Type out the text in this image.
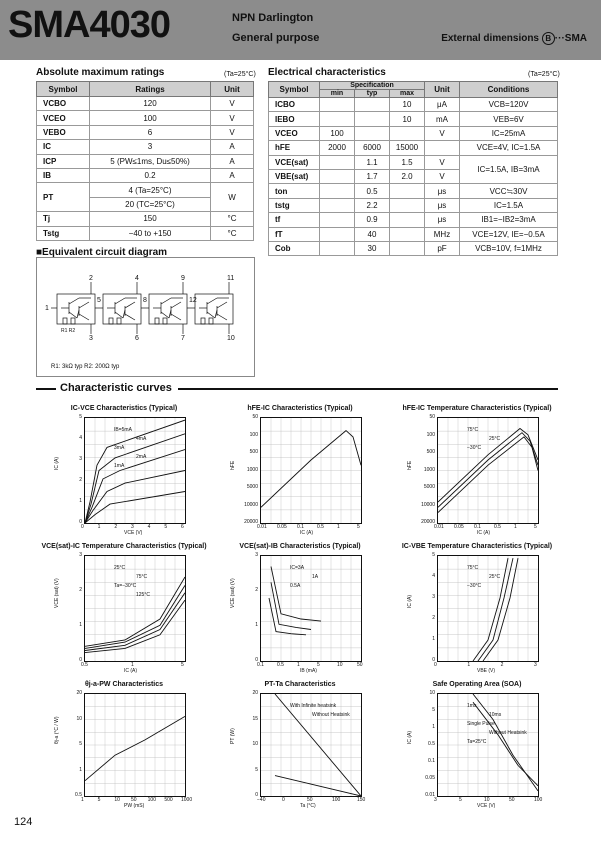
SMA4030	NPN Darlington
General purpose	External dimensions B ···SMA
Absolute maximum ratings	(Ta=25°C)
Symbol	Ratings	Unit
VCBO	120	V
VCEO	100	V
VEBO	6	V
IC	3	A
ICP	5 (PW≤1ms, Du≤50%)	A
IB	0.2	A
PT	4 (Ta=25°C)	W
	20 (TC=25°C)	
Tj	150	°C
Tstg	−40 to +150	°C
Electrical characteristics	(Ta=25°C)
Symbol	Specification			Unit	Conditions
	min	typ	max		
ICBO			10	μA	VCB=120V
IEBO			10	mA	VEB=6V
VCEO	100			V	IC=25mA
hFE	2000	6000	15000		VCE=4V, IC=1.5A
VCE(sat)		1.1	1.5	V	IC=1.5A, IB=3mA
VBE(sat)		1.7	2.0	V	
ton		0.5		μs	VCC≒30V
tstg		2.2		μs	IC=1.5A
tf		0.9		μs	IB1=−IB2=3mA
fT		40		MHz	VCE=12V, IE=−0.5A
Cob		30		pF	VCB=10V, f=1MHz
■Equivalent circuit diagram
2	4	9	11
5	8	12
3	6	7	10
1
R1 R2
R1: 3kΩ typ R2: 200Ω typ
Characteristic curves
IC-VCE Characteristics (Typical)
IB=5mA
4mA
3mA
2mA
1mA
0	1	2	3	4	5	6
0
1
2
3
4
5
VCE (V)
IC (A)
hFE-IC Characteristics (Typical)
0.01 0.05 0.1	0.5	1	5
20000
10000
5000
1000
500
100
50
IC (A)
hFE
hFE-IC Temperature Characteristics (Typical)
75°C
25°C
−30°C
0.01 0.05 0.1	0.5	1	5
20000
10000
5000
1000
500
100
50
IC (A)
hFE
VCE(sat)-IC Temperature Characteristics (Typical)
25°C
75°C
Ta=−30°C
125°C
0.5	1	5
0
1
2
3
IC (A)
VCE (sat) (V)
VCE(sat)-IB Characteristics (Typical)
IC=3A
1A
0.5A
0.1	0.5	1	5	10	50
0
1
2
3
IB (mA)
VCE (sat) (V)
IC-VBE Temperature Characteristics (Typical)
75°C
25°C
−30°C
0	1	2	3
0
1
2
3
4
5
VBE (V)
IC (A)
θj-a-PW Characteristics
1	5	10 50 100 500 1000
0.5
1
5
10
20
PW (mS)
θj-a (°C / W)
PT-Ta Characteristics
With Infinite heatsink
Without Heatsink
−40	0	50	100	150
0
5
10
15
20
Ta (°C)
PT (W)
Safe Operating Area (SOA)
1ms
10ms
Single Pulse
Without Heatsink
Ta=25°C
3	5	10	50	100
0.01
0.05
0.1
0.5
1
5
10
VCE (V)
IC (A)
124
